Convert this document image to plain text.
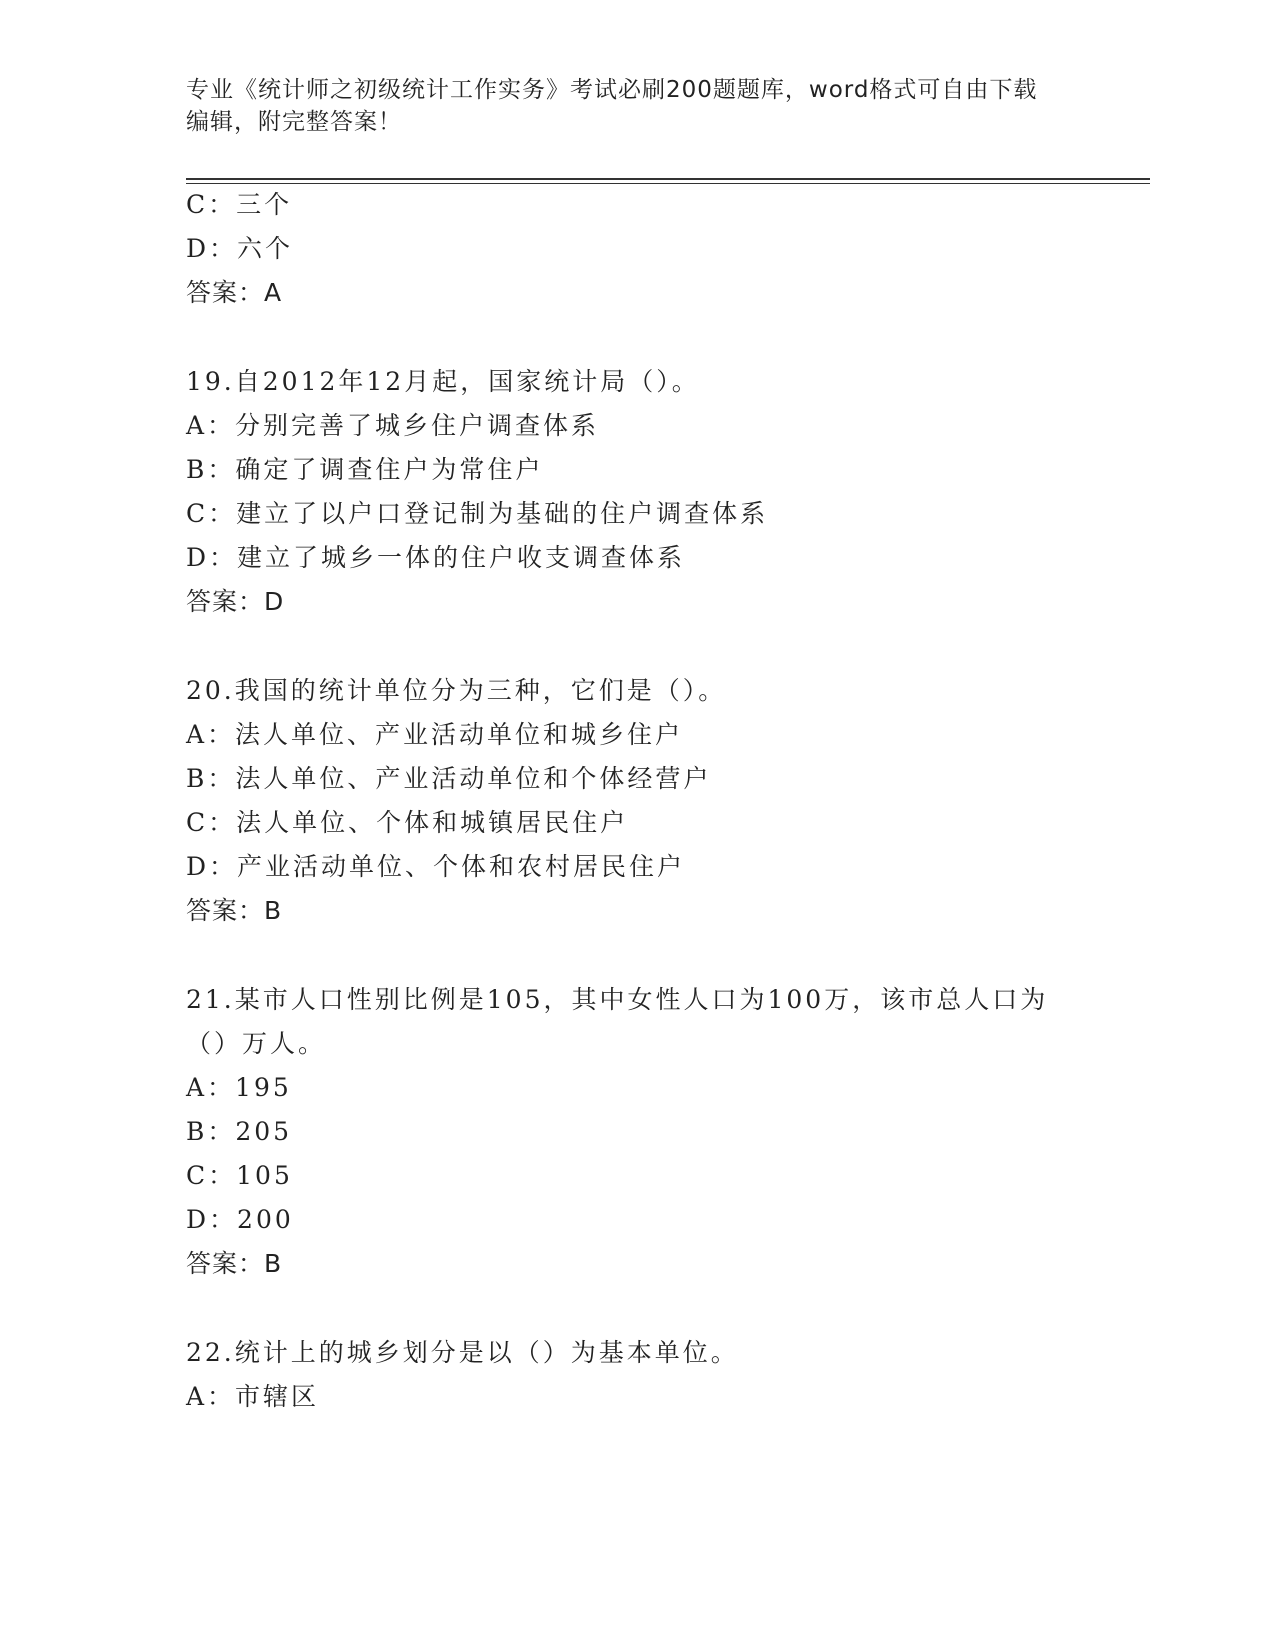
专业《统计师之初级统计工作实务》考试必刷200题题库，word格式可自由下载
编辑，附完整答案！
C：三个
D：六个
答案：A
19.自2012年12月起，国家统计局（）。
A：分别完善了城乡住户调查体系
B：确定了调查住户为常住户
C：建立了以户口登记制为基础的住户调查体系
D：建立了城乡一体的住户收支调查体系
答案：D
20.我国的统计单位分为三种，它们是（）。
A：法人单位、产业活动单位和城乡住户
B：法人单位、产业活动单位和个体经营户
C：法人单位、个体和城镇居民住户
D：产业活动单位、个体和农村居民住户
答案：B
21.某市人口性别比例是105，其中女性人口为100万，该市总人口为
（）万人。
A：195
B：205
C：105
D：200
答案：B
22.统计上的城乡划分是以（）为基本单位。
A：市辖区
